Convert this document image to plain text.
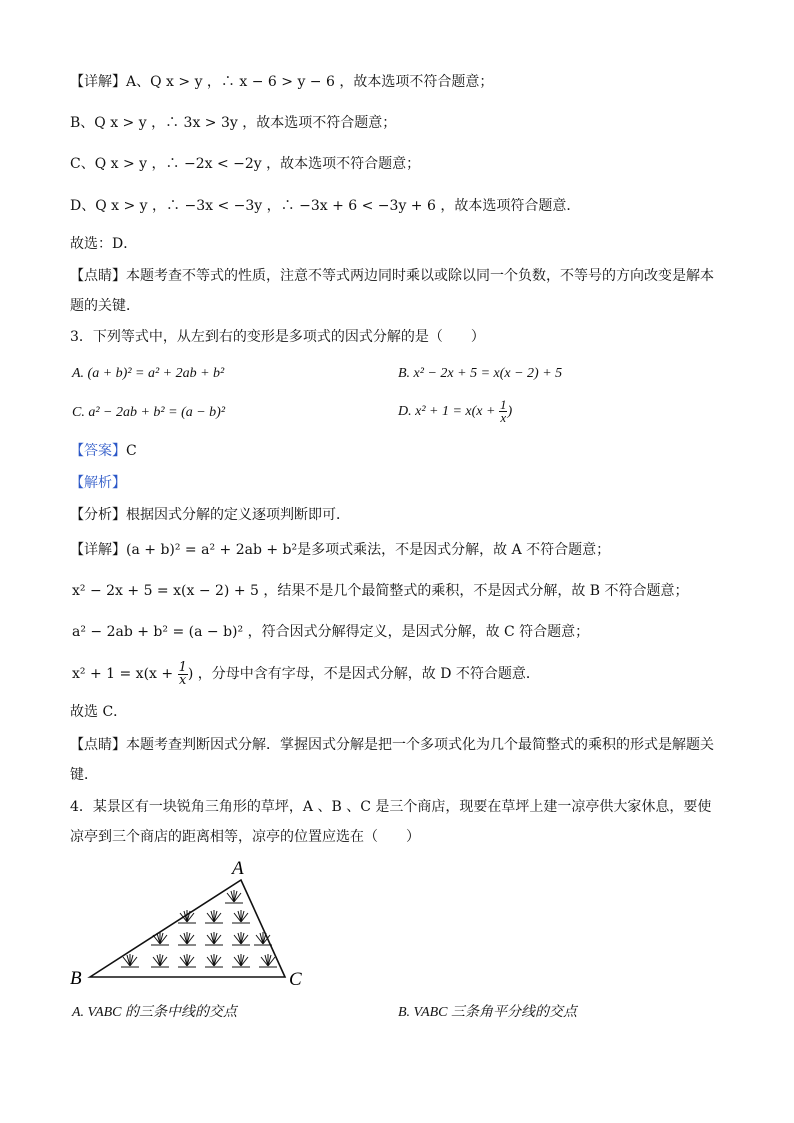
【详解】A、Q x > y ，∴ x − 6 > y − 6 ，故本选项不符合题意；
B、Q x > y ，∴ 3x > 3y ，故本选项不符合题意；
C、Q x > y ，∴ −2x < −2y ，故本选项不符合题意；
D、Q x > y ，∴ −3x < −3y ，∴ −3x + 6 < −3y + 6 ，故本选项符合题意．
故选：D．
【点睛】本题考查不等式的性质，注意不等式两边同时乘以或除以同一个负数，不等号的方向改变是解本
题的关键．
3．下列等式中，从左到右的变形是多项式的因式分解的是（　　）
A. (a + b)² = a² + 2ab + b²	B. x² − 2x + 5 = x(x − 2) + 5
C. a² − 2ab + b² = (a − b)²	D. $x^2 + 1 = x(x + \frac{1}{x}$ )
【答案】C
【解析】
【分析】根据因式分解的定义逐项判断即可．
【详解】(a + b)² = a² + 2ab + b²是多项式乘法，不是因式分解，故 A 不符合题意；
x² − 2x + 5 = x(x − 2) + 5 ，结果不是几个最简整式的乘积，不是因式分解，故 B 不符合题意；
a² − 2ab + b² = (a − b)² ，符合因式分解得定义，是因式分解，故 C 符合题意；
$x^2 + 1 = x(x + \frac{1}{x}$ ) ，分母中含有字母，不是因式分解，故 D 不符合题意．
故选 C．
【点睛】本题考查判断因式分解．掌握因式分解是把一个多项式化为几个最简整式的乘积的形式是解题关
键．
4．某景区有一块锐角三角形的草坪，A 、B 、C 是三个商店，现要在草坪上建一凉亭供大家休息，要使
凉亭到三个商店的距离相等，凉亭的位置应选在（　　）
A
B	C
A. VABC 的三条中线的交点	B. VABC 三条角平分线的交点
